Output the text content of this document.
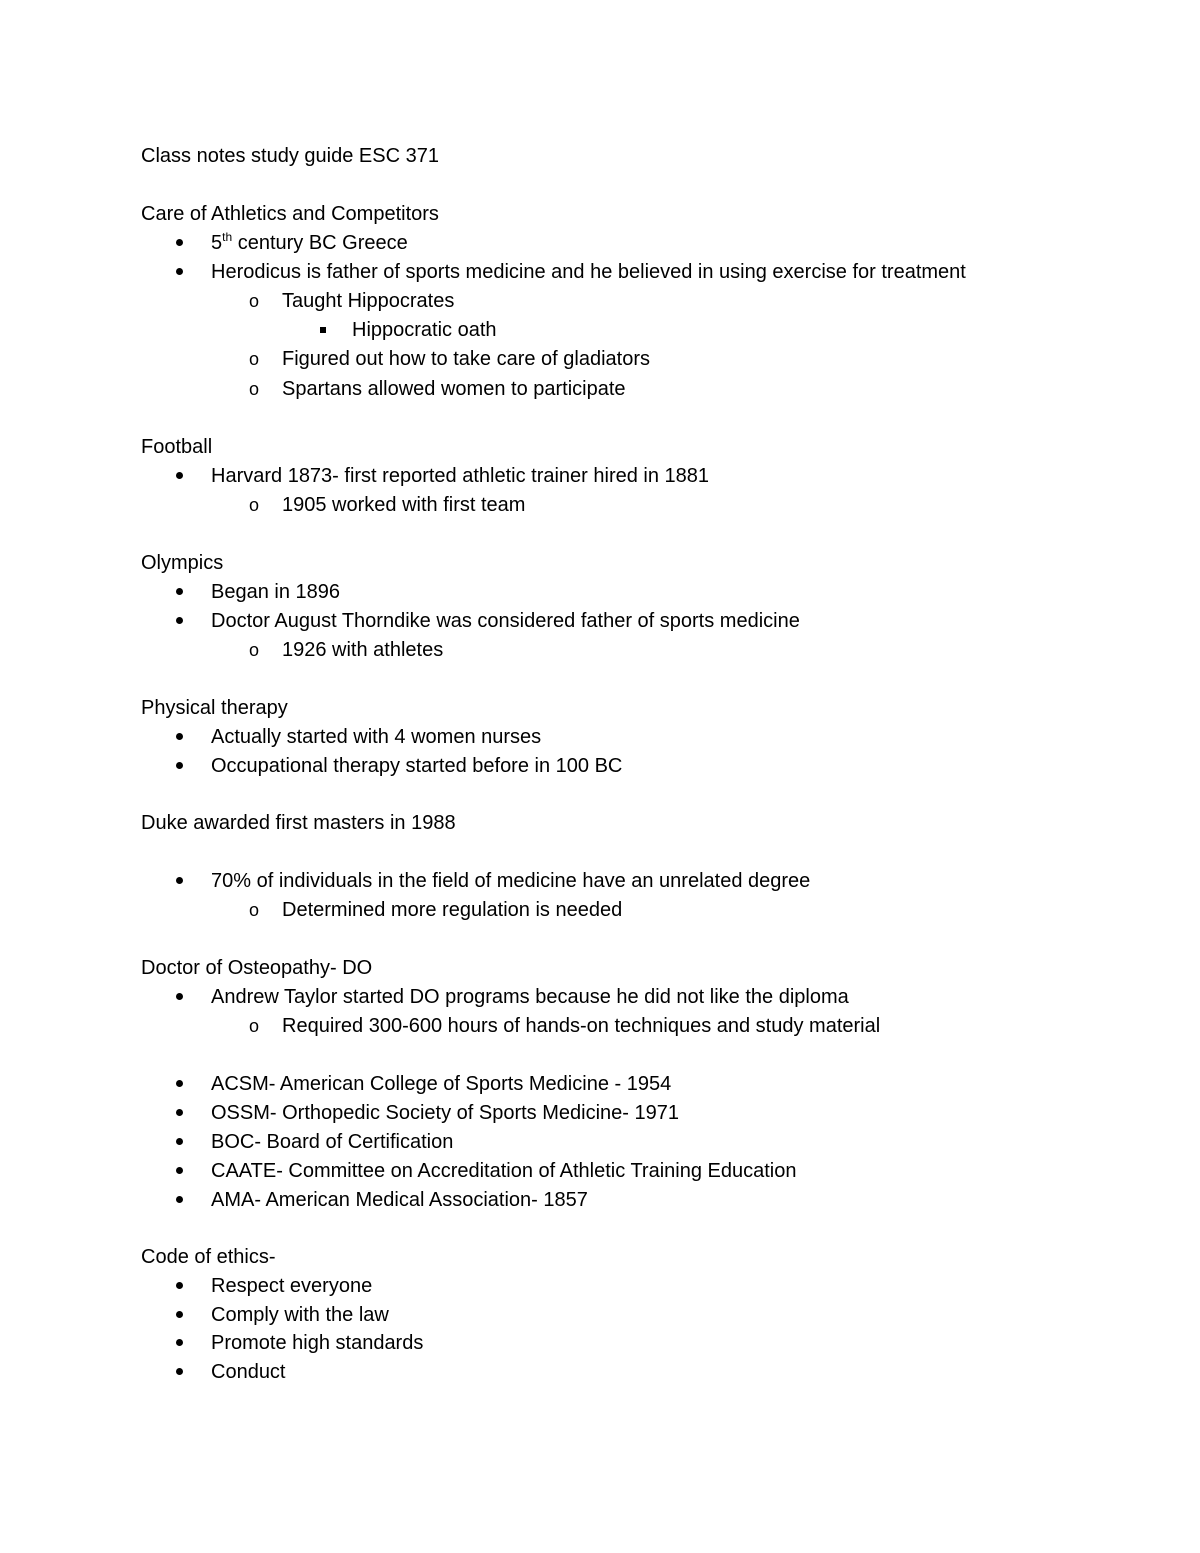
Class notes study guide ESC 371
Care of Athletics and Competitors
5th century BC Greece
Herodicus is father of sports medicine and he believed in using exercise for treatment
o Taught Hippocrates
Hippocratic oath
o Figured out how to take care of gladiators
o Spartans allowed women to participate
Football
Harvard 1873- first reported athletic trainer hired in 1881
o 1905 worked with first team
Olympics
Began in 1896
Doctor August Thorndike was considered father of sports medicine
o 1926 with athletes
Physical therapy
Actually started with 4 women nurses
Occupational therapy started before in 100 BC
Duke awarded first masters in 1988
70% of individuals in the field of medicine have an unrelated degree
o Determined more regulation is needed
Doctor of Osteopathy- DO
Andrew Taylor started DO programs because he did not like the diploma
o Required 300-600 hours of hands-on techniques and study material
ACSM- American College of Sports Medicine - 1954
OSSM- Orthopedic Society of Sports Medicine- 1971
BOC- Board of Certification
CAATE- Committee on Accreditation of Athletic Training Education
AMA- American Medical Association- 1857
Code of ethics-
Respect everyone
Comply with the law
Promote high standards
Conduct
